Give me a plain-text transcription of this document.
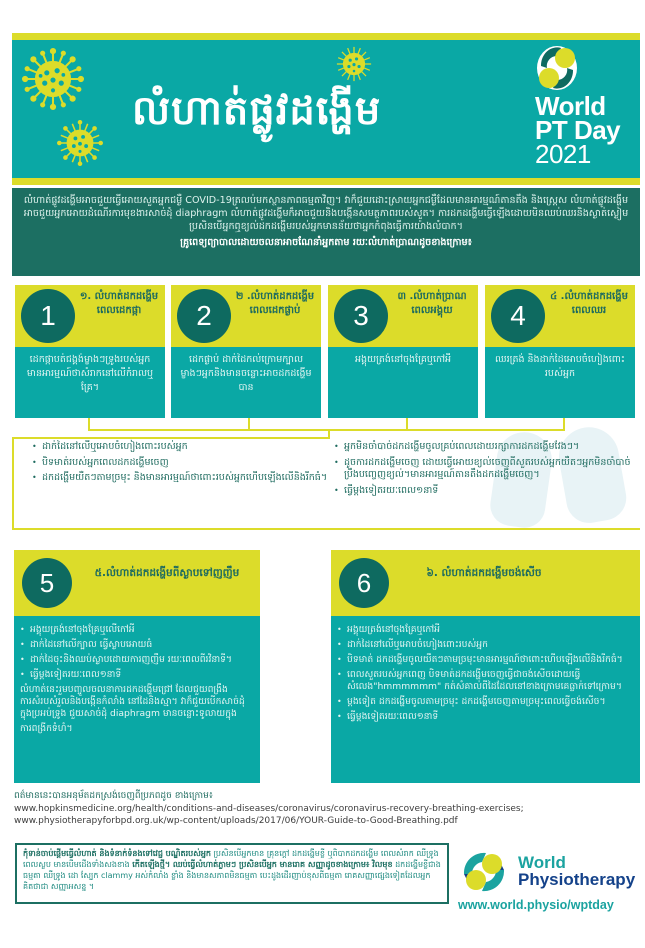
លំហាត់ផ្លូវដង្ហើម	World
PT Day
2021
លំហាត់ផ្លូវដង្ហើមអាចជួយធ្វើអោយសួតអ្នកជម្ងឺ COVID-19ត្រលប់មកស្ថានភាពធម្មតាវិញ។ វាក៏ជួយដោះស្រាយអ្នកជម្ងឺដែលមានអារម្មណ៍តានតឹង និងស្ត្រេស លំហាត់ផ្លូវដង្ហើមអាចជួយអ្នកអោយដំណើរការមុខងារសាច់ដុំ diaphragm លំហាត់ផ្លូវដង្ហើមក៏អាចជួយនិងបង្កើនសមត្ថភាពរបស់សួត។ ការដកដង្ហើមធ្វើឡើងដោយមិនឈប់ឈរនិងស្ងាត់ស្ងៀម ប្រសិនបើអ្នកឮខ្យល់ដកដង្ហើមរបស់អ្នកមានន័យថាអ្នកកំពុងធ្វើការយ៉ាងលំបាក។
គ្រូពេទ្យព្យាបាលដោយចលនាអាចណែនាំអ្នកតាម រយៈលំហាត់ប្រាណដូចខាងក្រោម៖
1
១. លំហាត់ដកដង្ហើមពេលដេកផ្កា
ដេកផ្កាបត់ជង្គង់ម្ខាងៗទ្រូងរបស់អ្នកមានអារម្មណ៍ថាសំរាកនៅលើកំរាលឬគ្រែ។
2
២ .លំហាត់ដកដង្ហើមពេលដេកផ្ងាប់
ដេកផ្ងាប់ ដាក់ដៃកល់ក្រោមក្បាលម្ខាងៗអ្នកនិងមានចន្លោះអាចដកដង្ហើមបាន
3
៣ .លំហាត់ប្រាណពេលអង្គុយ
អង្គុយត្រង់នៅចុងគ្រែឬកៅអី
4
៤ .លំហាត់ដកដង្ហើមពេលឈរ
ឈរត្រង់ និងដាក់ដៃអោបចំហៀងពោះរបស់អ្នក
• ដាក់ដៃនៅលើឬអោបចំហៀងពោះរបស់អ្នក
• បិទមាត់របស់អ្នកពេលដកដង្ហើមចេញ
• ដកដង្ហើមយឺតៗតាមច្រមុះ និងមានអារម្មណ៍ថាពោះរបស់អ្នកហើបឡើងលើនិងរីកធំ។
• អ្នកមិនចាំបាច់ដកដង្ហើមចូលគ្រប់ពេលដោយរក្សាការដកដង្ហើមវែងៗ។
• ដូចការដកដង្ហើមចេញ ដោយធ្វើអោយខ្យល់ចេញពីសួតរបស់អ្នកយឺតៗអ្នកមិនចាំបាច់ប្រឹងបញ្ចេញខ្យល់។មានអារម្មណ៍តានតឹងដកដង្ហើមចេញ។
• ធ្វើម្តងទៀតរយៈពេល១នាទី
5	៥.លំហាត់ដកដង្ហើមពីស្ងាបទៅញញឹម
• អង្គុយត្រង់នៅចុងគ្រែឬលើកៅអី
• ដាក់ដៃនៅលើក្បាល ធ្វើស្ងាបអោយធំ
• ដាក់ដៃចុះនិងឈប់ស្ងាបដោយការញញឹម រយៈពេលពីរវិនាទី។
• ធ្វើម្តងទៀតរយៈពេល១នាទី

លំហាត់នេះរួមបញ្ចូលចលនាការដកដង្ហើមជ្រៅ ដែលជួយពង្រឹងការសំរបសំរួលនិងបង្កើនកំលាំង នៅដៃនិងស្មា។ វាក៏ជួយបើកសាច់ដុំក្នុងប្រអប់ទ្រូង ជួយសាច់ដុំ diaphragm មានចន្លោះទូលាយក្នុង

ការពង្រីកទំហំ។

6	៦. លំហាត់ដកដង្ហើមចង់សើច
• អង្គុយត្រង់នៅចុងគ្រែឬកៅអី
• ដាក់ដៃនៅលើឬអោបចំហៀងពោះរបស់អ្នក
• បិទមាត់ ដកដង្ហើមចូលយឺតៗតាមច្រមុះមានអារម្មណ៍ថាពោះហើបឡើងលើនិងរីកធំ។
• ពេលសួតរបស់អ្នកពេញ បិទមាត់ដកដង្ហើមចេញធ្វើជាចង់សើចដោយធ្វើសំលេង"hmmmmmm" កត់សំគាល់ពីដៃដែលនៅខាងក្រោមគេធ្លាក់ទៅក្រោម។
• ម្តងទៀត ដកដង្ហើមចូលតាមច្រមុះ ដកដង្ហើមចេញតាមច្រមុះពេលធ្វើចង់សើច។
• ធ្វើម្តងទៀតរយៈពេល១នាទី
ពត៌មាននេះបានអនុម័តដកស្រង់ចេញពីប្រភពដូច ខាងក្រោម៖
www.hopkinsmedicine.org/health/conditions-and-diseases/coronavirus/coronavirus-recovery-breathing-exercises;
www.physiotherapyforbpd.org.uk/wp-content/uploads/2017/06/YOUR-Guide-to-Good-Breathing.pdf
កុំទាន់ចាប់ផ្តើមធ្វើលំហាត់ និងទំនាក់ទំនងទៅវេជ្ជ បណ្ឌិតរបស់អ្នក ប្រសិនបើអ្នកមាន គ្រុនក្តៅ ដកដង្ហើមខ្លី ឬពិបាកដកដង្ហើម ពេលសំរាក ឈឺទ្រូងពេលស្ងប មានបើមដើងទាំងសងខាង កើតឡើងថ្មី។ ឈប់ធ្វើលំហាត់ភ្លាមៗ ប្រសិនបើអ្នក មានរោគ សញ្ញាដូចខាងក្រោម៖ វិលមុខ ដកដង្ហើមខ្លីជាងធម្មតា ឈឺទ្រូង ដោ ស្បែក clammy អស់កំលាំង ខ្លាំង និងមានសភាពមិនធម្មតា បេះដូងដើរញាប់ខុសពីធម្មតា រោគសញ្ញាផ្សេងទៀតដែលអ្នកគិតថាជា សញ្ញាអសន្ន ។
World
Physiotherapy
www.world.physio/wptday
